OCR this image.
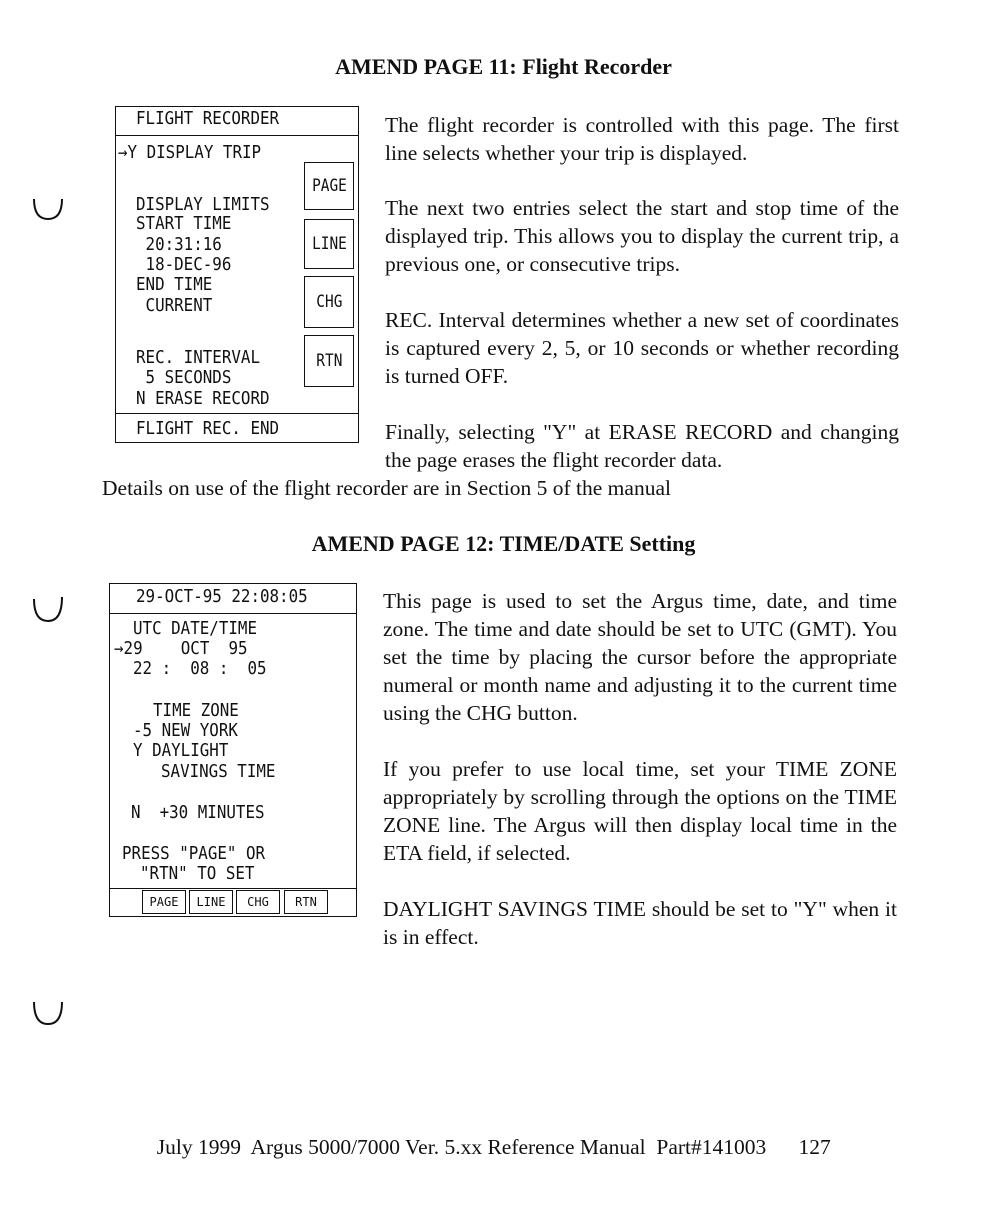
AMEND PAGE 11: Flight Recorder
FLIGHT RECORDER
→Y DISPLAY TRIP
DISPLAY LIMITS
START TIME
20:31:16
18-DEC-96
END TIME
CURRENT
REC. INTERVAL
5 SECONDS
N ERASE RECORD
FLIGHT REC. END
PAGE
LINE
CHG
RTN

The flight recorder is controlled with this page. The first line selects whether your trip is displayed.

The next two entries select the start and stop time of the displayed trip. This allows you to display the current trip, a previous one, or consecutive trips.

REC. Interval determines whether a new set of coordinates is captured every 2, 5, or 10 seconds or whether recording is turned OFF.

Finally, selecting "Y" at ERASE RECORD and changing the page erases the flight recorder data.

Details on use of the flight recorder are in Section 5 of the manual

AMEND PAGE 12: TIME/DATE Setting
29-OCT-95 22:08:05
UTC DATE/TIME
→29    OCT  95
22 :  08 :  05
TIME ZONE
-5 NEW YORK
Y DAYLIGHT
SAVINGS TIME
N  +30 MINUTES
PRESS "PAGE" OR
"RTN" TO SET
PAGE	LINE	CHG	RTN

This page is used to set the Argus time, date, and time zone. The time and date should be set to UTC (GMT). You set the time by placing the cursor before the appropriate numeral or month name and adjusting it to the current time using the CHG button.

If you prefer to use local time, set your TIME ZONE appropriately by scrolling through the options on the TIME ZONE line. The Argus will then display local time in the ETA field, if selected.

DAYLIGHT SAVINGS TIME should be set to "Y" when it is in effect.

July 1999  Argus 5000/7000 Ver. 5.xx Reference Manual  Part#141003 127
